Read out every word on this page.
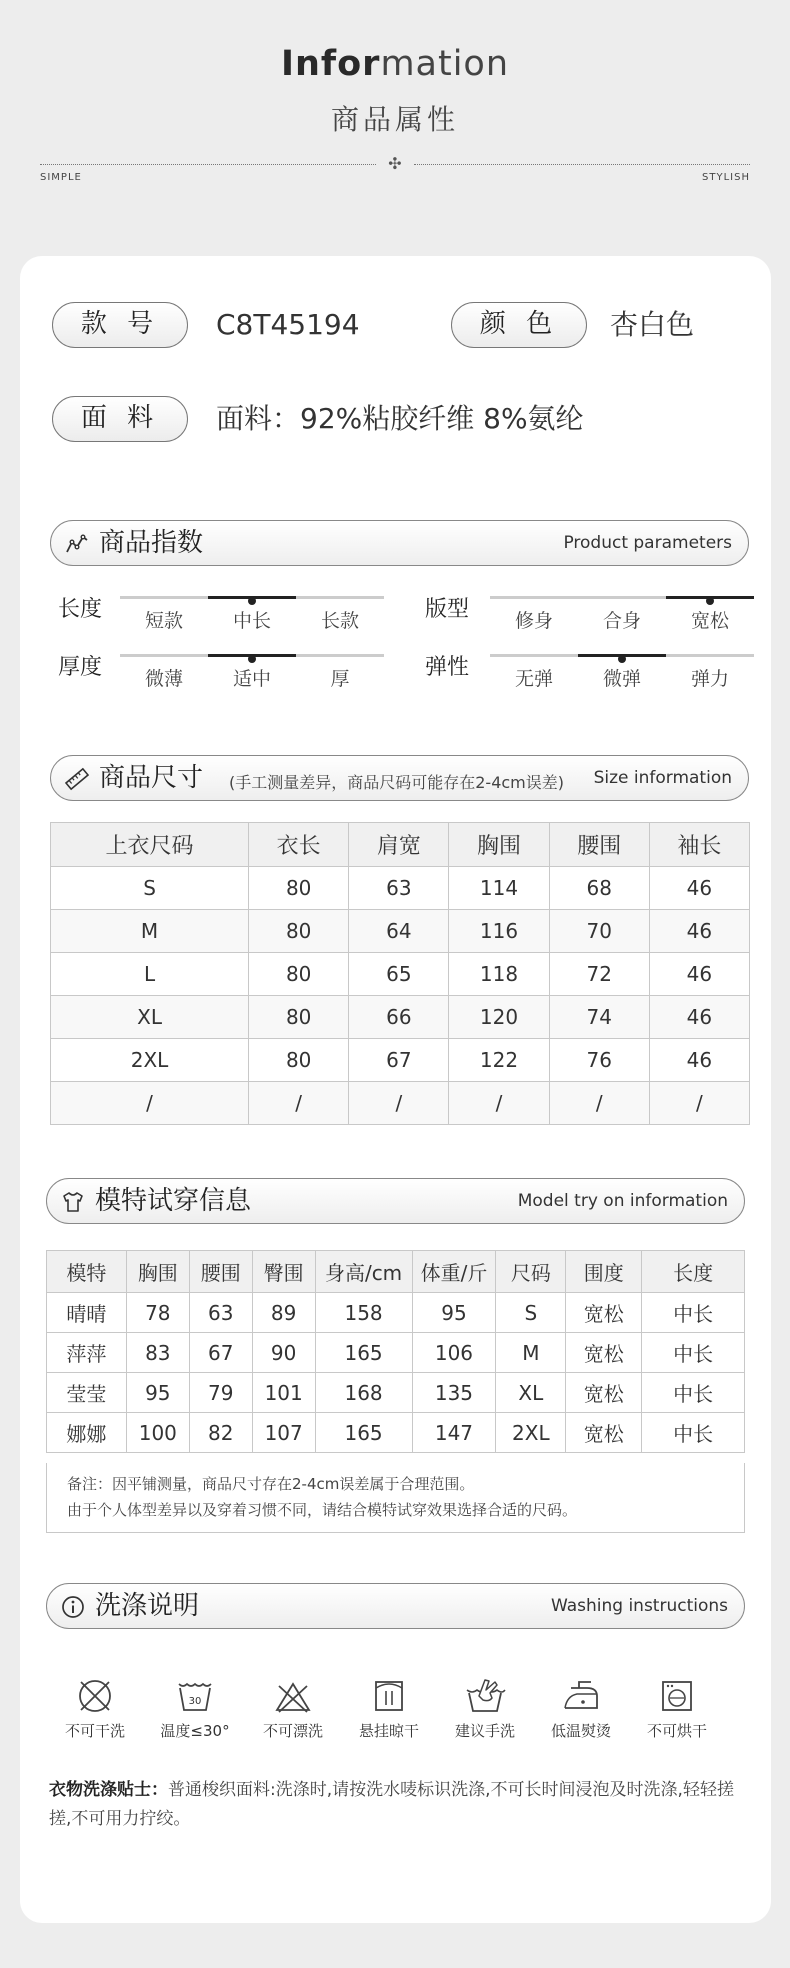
Information
商品属性
✣
SIMPLE	STYLISH
款 号	C8T45194	颜 色	杏白色
面 料	面料：92%粘胶纤维 8%氨纶
商品指数	Product parameters
长度	短款	中长	长款	版型	修身	合身	宽松
厚度	微薄	适中	厚	弹性	无弹	微弹	弹力
商品尺寸 (手工测量差异，商品尺码可能存在2-4cm误差) Size information
上衣尺码	衣长	肩宽	胸围	腰围	袖长
S	80	63	114	68	46
M	80	64	116	70	46
L	80	65	118	72	46
XL	80	66	120	74	46
2XL	80	67	122	76	46
/	/	/	/	/	/
模特试穿信息	Model try on information
模特	胸围	腰围	臀围	身高/cm	体重/斤	尺码	围度	长度
晴晴	78	63	89	158	95	S	宽松	中长
萍萍	83	67	90	165	106	M	宽松	中长
莹莹	95	79	101	168	135	XL	宽松	中长
娜娜	100	82	107	165	147	2XL	宽松	中长
备注：因平铺测量，商品尺寸存在2-4cm误差属于合理范围。
由于个人体型差异以及穿着习惯不同，请结合模特试穿效果选择合适的尺码。
洗涤说明	Washing instructions
不可干洗
30
温度≤30°	不可漂洗	悬挂晾干	建议手洗	低温熨烫	不可烘干
衣物洗涤贴士：普通梭织面料:洗涤时,请按洗水唛标识洗涤,不可长时间浸泡及时洗涤,轻轻搓搓,不可用力拧绞。
